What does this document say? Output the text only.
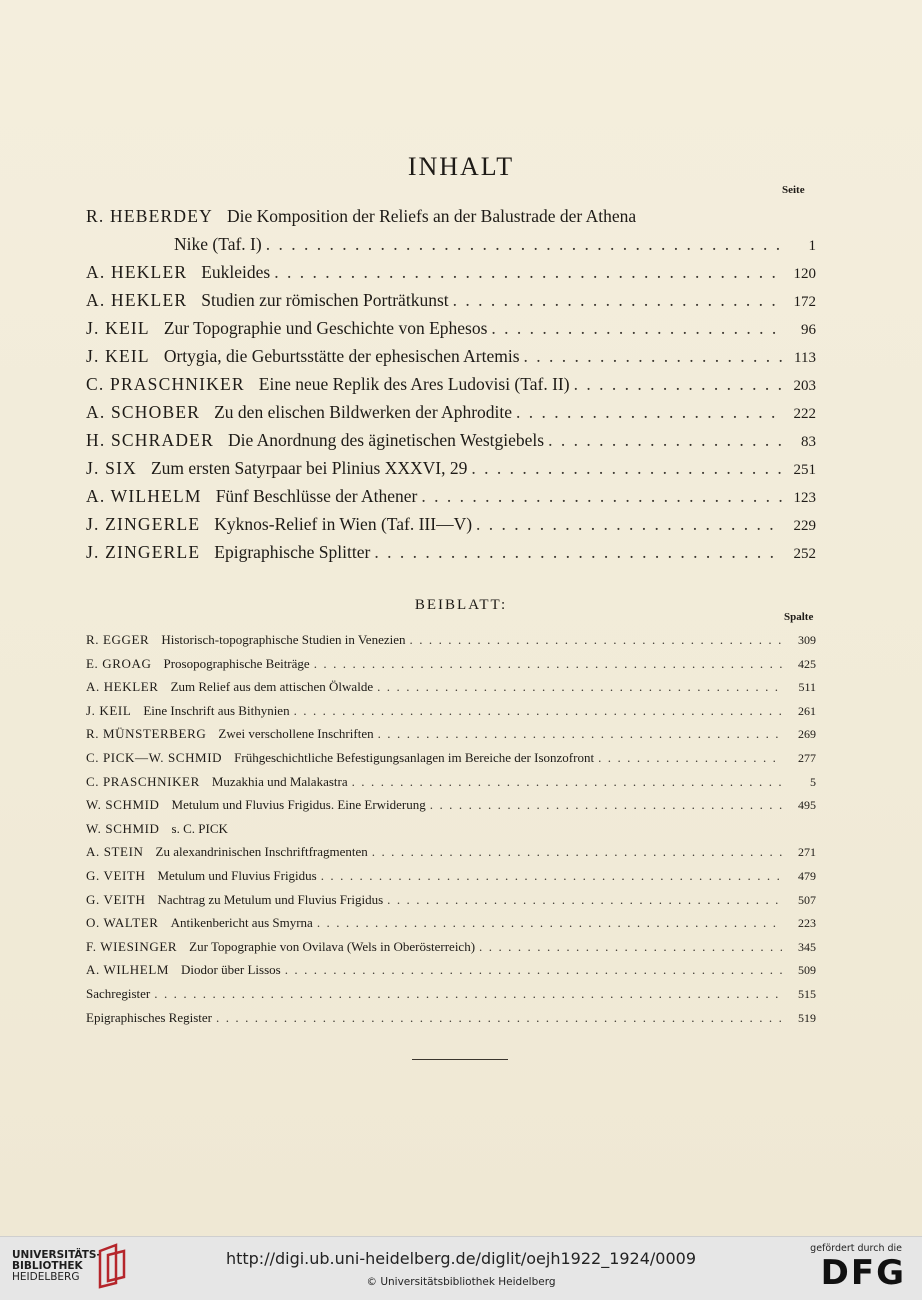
INHALT
Seite
R. HEBERDEY Die Komposition der Reliefs an der Balustrade der Athena
Nike (Taf. I) . . .	1
A. HEKLER Eukleides . . .	120
A. HEKLER Studien zur römischen Porträtkunst . . .	172
J. KEIL Zur Topographie und Geschichte von Ephesos . . .	96
J. KEIL Ortygia, die Geburtsstätte der ephesischen Artemis . . .	113
C. PRASCHNIKER Eine neue Replik des Ares Ludovisi (Taf. II) . . .	203
A. SCHOBER Zu den elischen Bildwerken der Aphrodite . . .	222
H. SCHRADER Die Anordnung des äginetischen Westgiebels . . .	83
J. SIX Zum ersten Satyrpaar bei Plinius XXXVI, 29 . . .	251
A. WILHELM Fünf Beschlüsse der Athener . . .	123
J. ZINGERLE Kyknos-Relief in Wien (Taf. III—V) . . .	229
J. ZINGERLE Epigraphische Splitter . . .	252
BEIBLATT:
Spalte
R. EGGER Historisch-topographische Studien in Venezien . . .	309
E. GROAG Prosopographische Beiträge . . .	425
A. HEKLER Zum Relief aus dem attischen Ölwalde . . .	511
J. KEIL Eine Inschrift aus Bithynien . . .	261
R. MÜNSTERBERG Zwei verschollene Inschriften . . .	269
C. PICK—W. SCHMID Frühgeschichtliche Befestigungsanlagen im Bereiche der Isonzofront . . .	277
C. PRASCHNIKER Muzakhia und Malakastra . . .	5
W. SCHMID Metulum und Fluvius Frigidus. Eine Erwiderung . . .	495
W. SCHMID s. C. PICK
A. STEIN Zu alexandrinischen Inschriftfragmenten . . .	271
G. VEITH Metulum und Fluvius Frigidus . . .	479
G. VEITH Nachtrag zu Metulum und Fluvius Frigidus . . .	507
O. WALTER Antikenbericht aus Smyrna . . .	223
F. WIESINGER Zur Topographie von Ovilava (Wels in Oberösterreich) . . .	345
A. WILHELM Diodor über Lissos . . .	509
Sachregister . . .	515
Epigraphisches Register . . .	519
UNIVERSITÄTS-
BIBLIOTHEK
HEIDELBERG
http://digi.ub.uni-heidelberg.de/diglit/oejh1922_1924/0009
© Universitätsbibliothek Heidelberg
gefördert durch die
DFG
